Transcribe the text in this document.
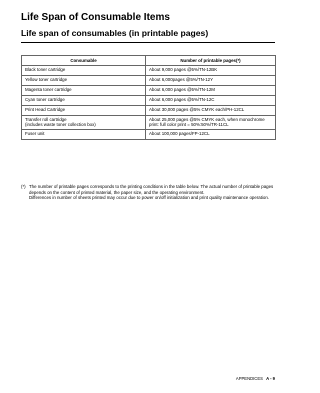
Life Span of Consumable Items
Life span of consumables (in printable pages)
Consumable	Number of printable pages(*)
Black toner cartridge	About 9,000 pages @5%/TN-12BK
Yellow toner cartridge	About 6,000pages @5%/TN-12Y
Magenta toner cartridge	About 6,000 pages @5%/TN-12M
Cyan toner cartridge	About 6,000 pages @5%/TN-12C
Print Head Cartridge	About 30,000 pages @5% CMYK each/PH-12CL
Transfer roll cartridge
(includes waste toner collection box)	About 25,000 pages @5% CMYK each, when monochrome print: full color print = 50%:50%/TR-11CL
Fuser unit	About 100,000 pages/FP-12CL
(*) The number of printable pages corresponds to the printing conditions in the table below. The actual number of printable pages depends on the content of printed material, the paper size, and the operating environment.

Differences in number of sheets printed may occur due to power on/off initialization and print quality maintenance operation.

APPENDICES A - 9
